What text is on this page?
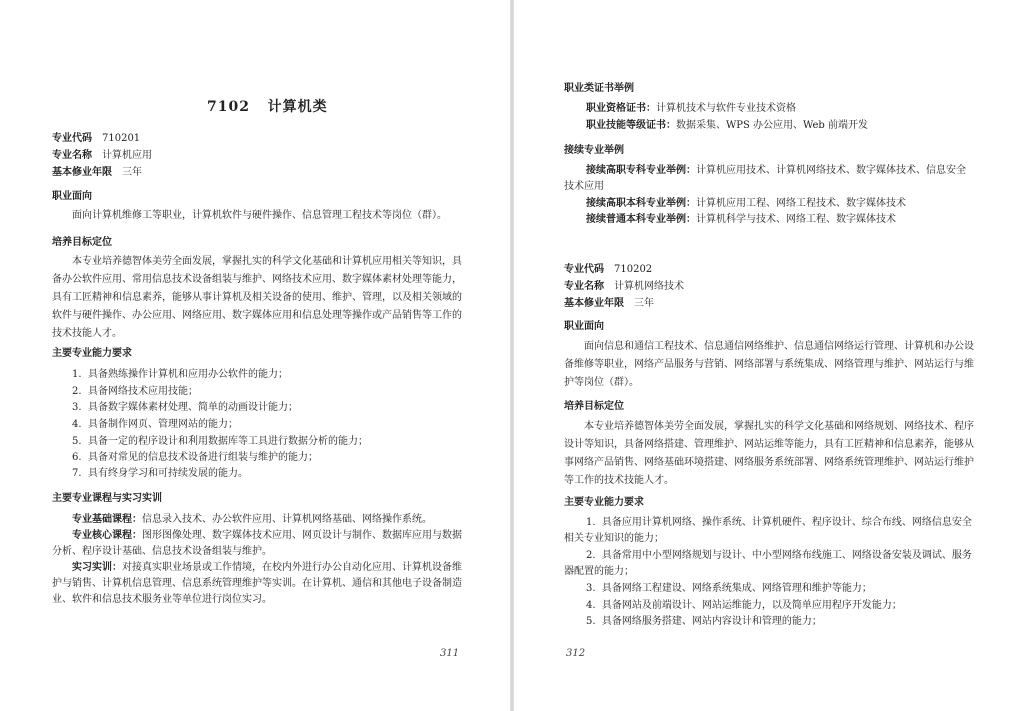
7102 计算机类
专业代码 710201
专业名称 计算机应用
基本修业年限 三年
职业面向
面向计算机维修工等职业，计算机软件与硬件操作、信息管理工程技术等岗位（群）。
培养目标定位
本专业培养德智体美劳全面发展，掌握扎实的科学文化基础和计算机应用相关等知识，具备办公软件应用、常用信息技术设备组装与维护、网络技术应用、数字媒体素材处理等能力，具有工匠精神和信息素养，能够从事计算机及相关设备的使用、维护、管理，以及相关领域的软件与硬件操作、办公应用、网络应用、数字媒体应用和信息处理等操作或产品销售等工作的技术技能人才。
主要专业能力要求
1. 具备熟练操作计算机和应用办公软件的能力；
2. 具备网络技术应用技能；
3. 具备数字媒体素材处理、简单的动画设计能力；
4. 具备制作网页、管理网站的能力；
5. 具备一定的程序设计和利用数据库等工具进行数据分析的能力；
6. 具备对常见的信息技术设备进行组装与维护的能力；
7. 具有终身学习和可持续发展的能力。
主要专业课程与实习实训
专业基础课程：信息录入技术、办公软件应用、计算机网络基础、网络操作系统。
专业核心课程：图形图像处理、数字媒体技术应用、网页设计与制作、数据库应用与数据分析、程序设计基础、信息技术设备组装与维护。
实习实训：对接真实职业场景或工作情境，在校内外进行办公自动化应用、计算机设备维护与销售、计算机信息管理、信息系统管理维护等实训。在计算机、通信和其他电子设备制造业、软件和信息技术服务业等单位进行岗位实习。
311
职业类证书举例
职业资格证书：计算机技术与软件专业技术资格
职业技能等级证书：数据采集、WPS 办公应用、Web 前端开发
接续专业举例
接续高职专科专业举例：计算机应用技术、计算机网络技术、数字媒体技术、信息安全技术应用
接续高职本科专业举例：计算机应用工程、网络工程技术、数字媒体技术
接续普通本科专业举例：计算机科学与技术、网络工程、数字媒体技术
专业代码 710202
专业名称 计算机网络技术
基本修业年限 三年
职业面向
面向信息和通信工程技术、信息通信网络维护、信息通信网络运行管理、计算机和办公设备维修等职业，网络产品服务与营销、网络部署与系统集成、网络管理与维护、网站运行与维护等岗位（群）。
培养目标定位
本专业培养德智体美劳全面发展，掌握扎实的科学文化基础和网络规划、网络技术、程序设计等知识，具备网络搭建、管理维护、网站运维等能力，具有工匠精神和信息素养，能够从事网络产品销售、网络基础环境搭建、网络服务系统部署、网络系统管理维护、网站运行维护等工作的技术技能人才。
主要专业能力要求
1. 具备应用计算机网络、操作系统、计算机硬件、程序设计、综合布线、网络信息安全相关专业知识的能力；
2. 具备常用中小型网络规划与设计、中小型网络布线施工、网络设备安装及调试、服务器配置的能力；
3. 具备网络工程建设、网络系统集成、网络管理和维护等能力；
4. 具备网站及前端设计、网站运维能力，以及简单应用程序开发能力；
5. 具备网络服务搭建、网站内容设计和管理的能力；
312
